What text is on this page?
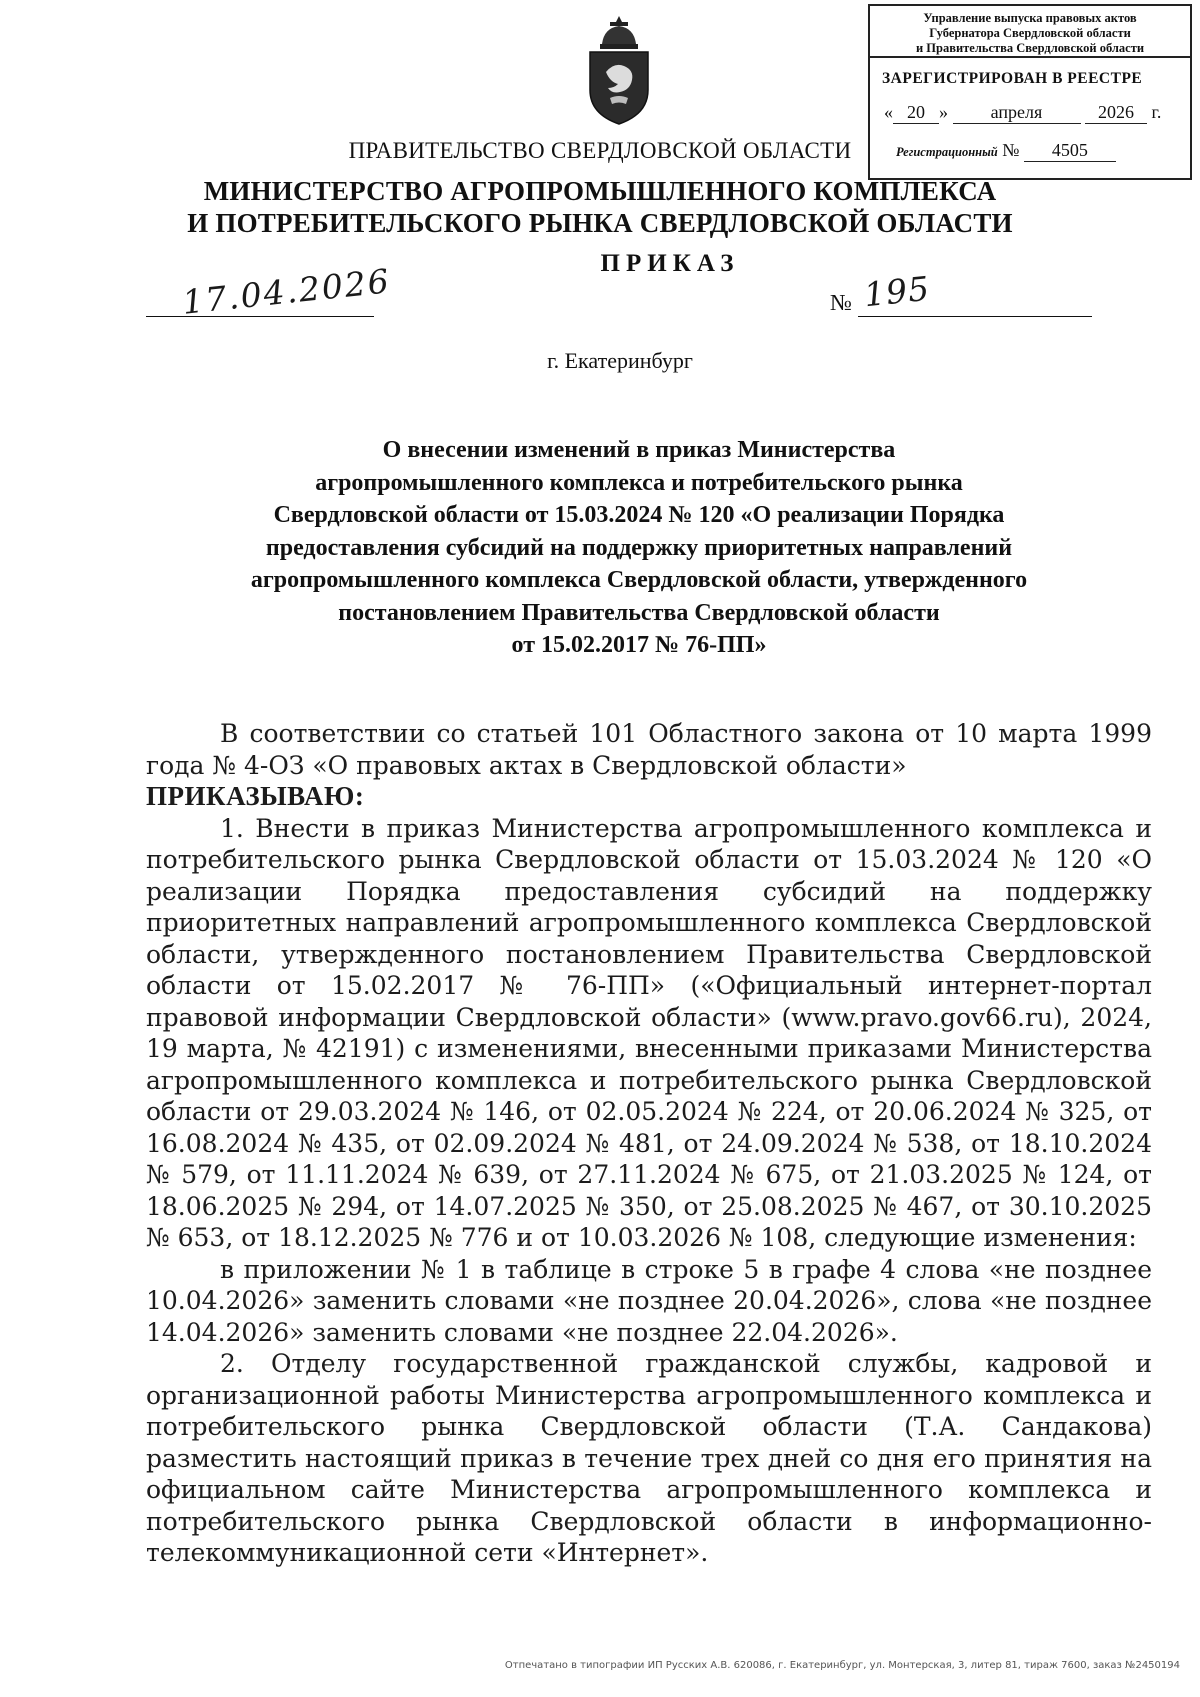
Управление выпуска правовых актов
Губернатора Свердловской области
и Правительства Свердловской области
ЗАРЕГИСТРИРОВАН В РЕЕСТРЕ
« 20 » апреля	2026 г.
Регистрационный № 4505
ПРАВИТЕЛЬСТВО СВЕРДЛОВСКОЙ ОБЛАСТИ
МИНИСТЕРСТВО АГРОПРОМЫШЛЕННОГО КОМПЛЕКСА
И ПОТРЕБИТЕЛЬСКОГО РЫНКА СВЕРДЛОВСКОЙ ОБЛАСТИ
ПРИКАЗ
17.04.2026	№ 195
г. Екатеринбург
О внесении изменений в приказ Министерства
агропромышленного комплекса и потребительского рынка
Свердловской области от 15.03.2024 № 120 «О реализации Порядка
предоставления субсидий на поддержку приоритетных направлений
агропромышленного комплекса Свердловской области, утвержденного
постановлением Правительства Свердловской области
от 15.02.2017 № 76-ПП»

В соответствии со статьей 101 Областного закона от 10 марта 1999 года № 4-ОЗ «О правовых актах в Свердловской области»

ПРИКАЗЫВАЮ:

1. Внести в приказ Министерства агропромышленного комплекса и потребительского рынка Свердловской области от 15.03.2024 № 120 «О реализации Порядка предоставления субсидий на поддержку приоритетных направлений агропромышленного комплекса Свердловской области, утвержденного постановлением Правительства Свердловской области от 15.02.2017 № 76-ПП» («Официальный интернет-портал правовой информации Свердловской области» (www.pravo.gov66.ru), 2024, 19 марта, № 42191) с изменениями, внесенными приказами Министерства агропромышленного комплекса и потребительского рынка Свердловской области от 29.03.2024 № 146, от 02.05.2024 № 224, от 20.06.2024 № 325, от 16.08.2024 № 435, от 02.09.2024 № 481, от 24.09.2024 № 538, от 18.10.2024 № 579, от 11.11.2024 № 639, от 27.11.2024 № 675, от 21.03.2025 № 124, от 18.06.2025 № 294, от 14.07.2025 № 350, от 25.08.2025 № 467, от 30.10.2025 № 653, от 18.12.2025 № 776 и от 10.03.2026 № 108, следующие изменения:

в приложении № 1 в таблице в строке 5 в графе 4 слова «не позднее 10.04.2026» заменить словами «не позднее 20.04.2026», слова «не позднее 14.04.2026» заменить словами «не позднее 22.04.2026».

2. Отделу государственной гражданской службы, кадровой и организационной работы Министерства агропромышленного комплекса и потребительского рынка Свердловской области (Т.А. Сандакова) разместить настоящий приказ в течение трех дней со дня его принятия на официальном сайте Министерства агропромышленного комплекса и потребительского рынка Свердловской области в информационно-телекоммуникационной сети «Интернет».

Отпечатано в типографии ИП Русских А.В. 620086, г. Екатеринбург, ул. Монтерская, 3, литер 81, тираж 7600, заказ №2450194
